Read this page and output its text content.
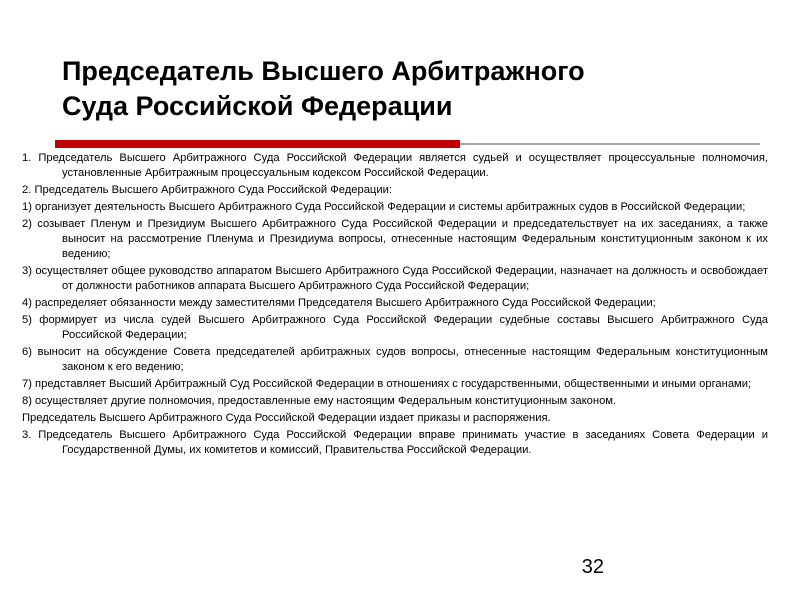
Председатель Высшего Арбитражного
Суда Российской Федерации

1. Председатель Высшего Арбитражного Суда Российской Федерации является судьей и осуществляет процессуальные полномочия, установленные Арбитражным процессуальным кодексом Российской Федерации.

2. Председатель Высшего Арбитражного Суда Российской Федерации:

1) организует деятельность Высшего Арбитражного Суда Российской Федерации и системы арбитражных судов в Российской Федерации;

2) созывает Пленум и Президиум Высшего Арбитражного Суда Российской Федерации и председательствует на их заседаниях, а также выносит на рассмотрение Пленума и Президиума вопросы, отнесенные настоящим Федеральным конституционным законом к их ведению;

3) осуществляет общее руководство аппаратом Высшего Арбитражного Суда Российской Федерации, назначает на должность и освобождает от должности работников аппарата Высшего Арбитражного Суда Российской Федерации;

4) распределяет обязанности между заместителями Председателя Высшего Арбитражного Суда Российской Федерации;

5) формирует из числа судей Высшего Арбитражного Суда Российской Федерации судебные составы Высшего Арбитражного Суда Российской Федерации;

6) выносит на обсуждение Совета председателей арбитражных судов вопросы, отнесенные настоящим Федеральным конституционным законом к его ведению;

7) представляет Высший Арбитражный Суд Российской Федерации в отношениях с государственными, общественными и иными органами;

8) осуществляет другие полномочия, предоставленные ему настоящим Федеральным конституционным законом.

Председатель Высшего Арбитражного Суда Российской Федерации издает приказы и распоряжения.

3. Председатель Высшего Арбитражного Суда Российской Федерации вправе принимать участие в заседаниях Совета Федерации и Государственной Думы, их комитетов и комиссий, Правительства Российской Федерации.

32
